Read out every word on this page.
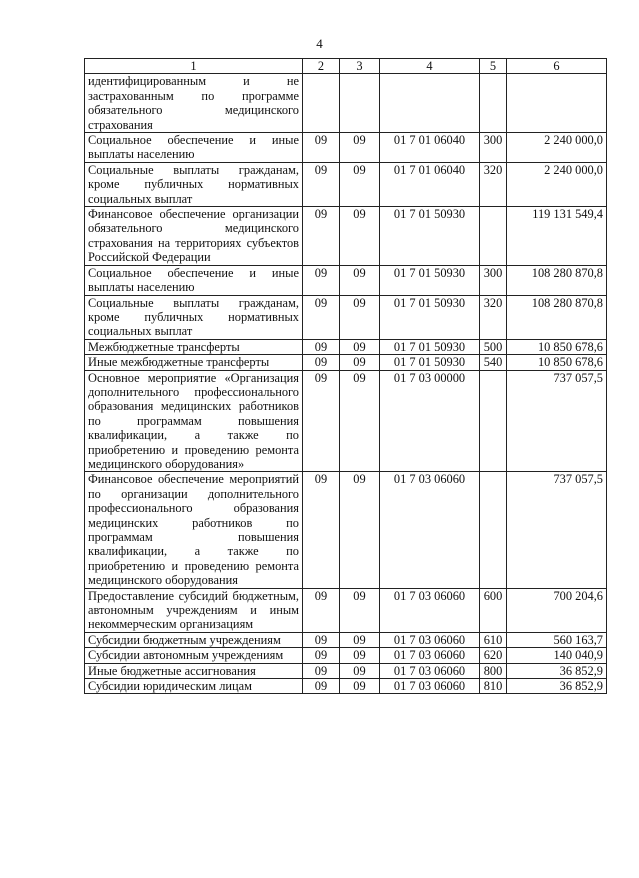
4
1	2	3	4	5	6
идентифицированным и не застрахованным по программе обязательного медицинского страхования					
Социальное обеспечение и иные выплаты населению	09	09	01 7 01 06040	300	2 240 000,0
Социальные выплаты гражданам, кроме публичных нормативных социальных выплат	09	09	01 7 01 06040	320	2 240 000,0
Финансовое обеспечение организации обязательного медицинского страхования на территориях субъектов Российской Федерации	09	09	01 7 01 50930		119 131 549,4
Социальное обеспечение и иные выплаты населению	09	09	01 7 01 50930	300	108 280 870,8
Социальные выплаты гражданам, кроме публичных нормативных социальных выплат	09	09	01 7 01 50930	320	108 280 870,8
Межбюджетные трансферты	09	09	01 7 01 50930	500	10 850 678,6
Иные межбюджетные трансферты	09	09	01 7 01 50930	540	10 850 678,6
Основное мероприятие «Организация дополнительного профессионального образования медицинских работников по программам повышения квалификации, а также по приобретению и проведению ремонта медицинского оборудования»	09	09	01 7 03 00000		737 057,5
Финансовое обеспечение мероприятий по организации дополнительного профессионального образования медицинских работников по программам повышения квалификации, а также по приобретению и проведению ремонта медицинского оборудования	09	09	01 7 03 06060		737 057,5
Предоставление субсидий бюджетным, автономным учреждениям и иным некоммерческим организациям	09	09	01 7 03 06060	600	700 204,6
Субсидии бюджетным учреждениям	09	09	01 7 03 06060	610	560 163,7
Субсидии автономным учреждениям	09	09	01 7 03 06060	620	140 040,9
Иные бюджетные ассигнования	09	09	01 7 03 06060	800	36 852,9
Субсидии юридическим лицам	09	09	01 7 03 06060	810	36 852,9
